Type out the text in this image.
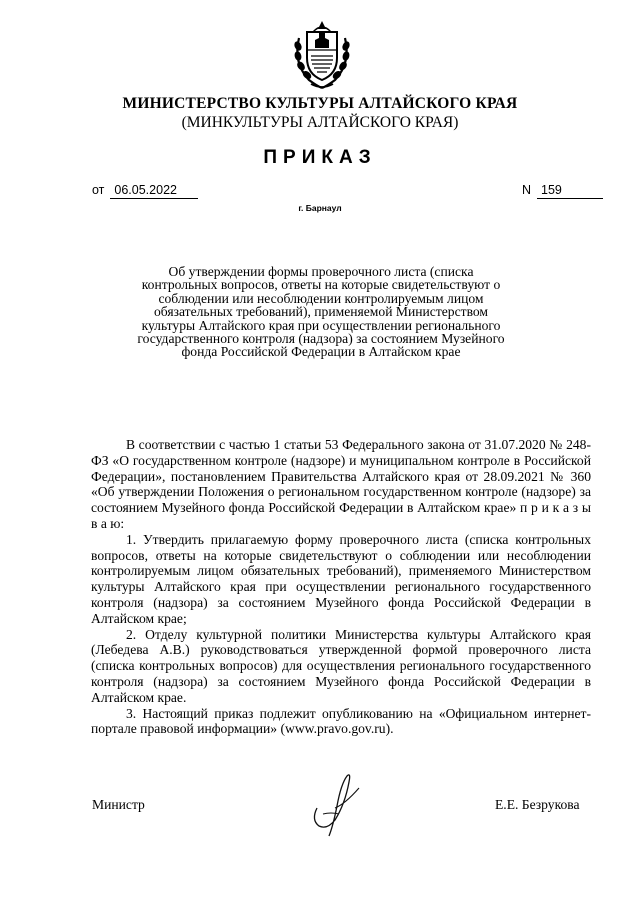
МИНИСТЕРСТВО КУЛЬТУРЫ АЛТАЙСКОГО КРАЯ
(МИНКУЛЬТУРЫ АЛТАЙСКОГО КРАЯ)
ПРИКАЗ
от 06.05.2022	N 159
г. Барнаул
Об утверждении формы проверочного листа (списка контрольных вопросов, ответы на которые свидетельствуют о соблюдении или несоблюдении контролируемым лицом обязательных требований), применяемой Министерством культуры Алтайского края при осуществлении регионального государственного контроля (надзора) за состоянием Музейного фонда Российской Федерации в Алтайском крае

В соответствии с частью 1 статьи 53 Федерального закона от 31.07.2020 № 248-ФЗ «О государственном контроле (надзоре) и муниципальном контроле в Российской Федерации», постановлением Правительства Алтайского края от 28.09.2021 № 360 «Об утверждении Положения о региональном государственном контроле (надзоре) за состоянием Музейного фонда Российской Федерации в Алтайском крае» п р и к а з ы в а ю:

1. Утвердить прилагаемую форму проверочного листа (списка контрольных вопросов, ответы на которые свидетельствуют о соблюдении или несоблюдении контролируемым лицом обязательных требований), применяемого Министерством культуры Алтайского края при осуществлении регионального государственного контроля (надзора) за состоянием Музейного фонда Российской Федерации в Алтайском крае;

2. Отделу культурной политики Министерства культуры Алтайского края (Лебедева А.В.) руководствоваться утвержденной формой проверочного листа (списка контрольных вопросов) для осуществления регионального государственного контроля (надзора) за состоянием Музейного фонда Российской Федерации в Алтайском крае.

3. Настоящий приказ подлежит опубликованию на «Официальном интернет-портале правовой информации» (www.pravo.gov.ru).

Министр	Е.Е. Безрукова
